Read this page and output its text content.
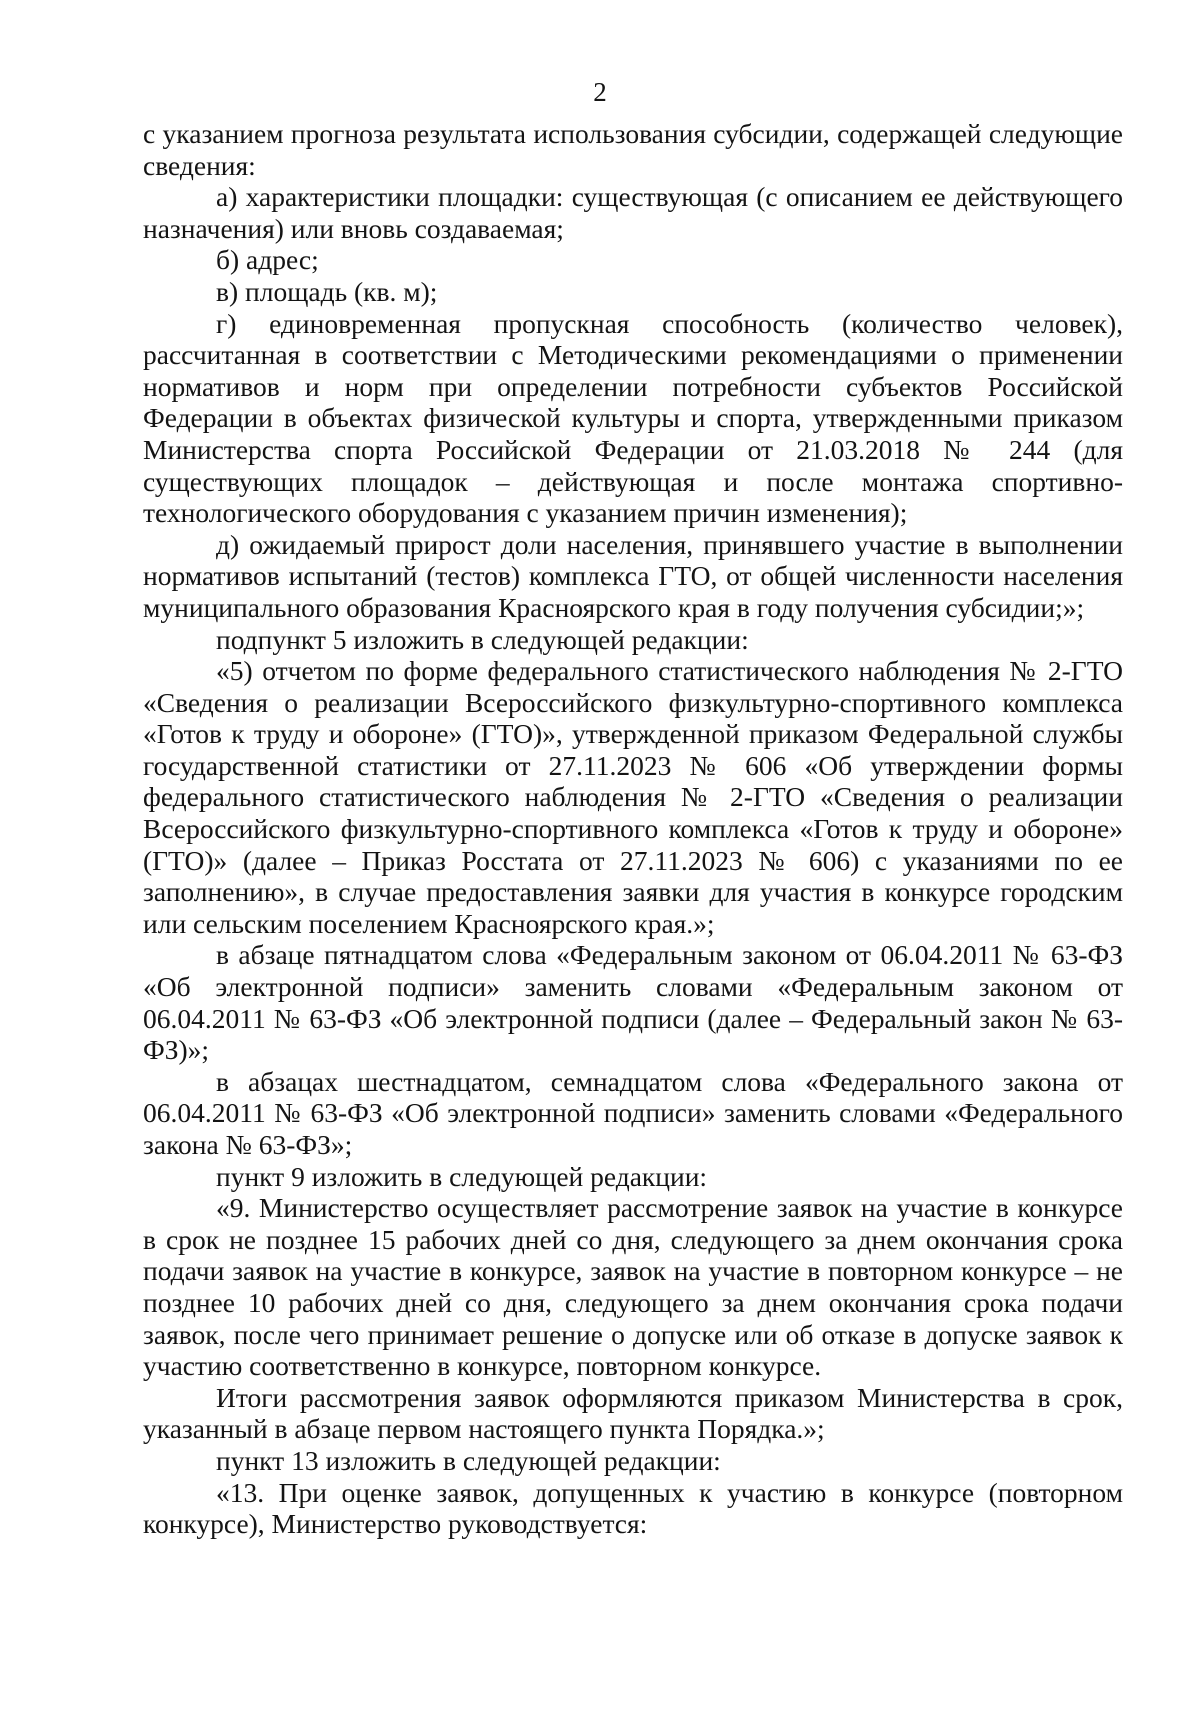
2

с указанием прогноза результата использования субсидии, содержащей следующие сведения:

а) характеристики площадки: существующая (с описанием ее действующего назначения) или вновь создаваемая;

б) адрес;

в) площадь (кв. м);

г) единовременная пропускная способность (количество человек), рассчитанная в соответствии с Методическими рекомендациями о применении нормативов и норм при определении потребности субъектов Российской Федерации в объектах физической культуры и спорта, утвержденными приказом Министерства спорта Российской Федерации от 21.03.2018 № 244 (для существующих площадок – действующая и после монтажа спортивно-технологического оборудования с указанием причин изменения);

д) ожидаемый прирост доли населения, принявшего участие в выполнении нормативов испытаний (тестов) комплекса ГТО, от общей численности населения муниципального образования Красноярского края в году получения субсидии;»;

подпункт 5 изложить в следующей редакции:

«5) отчетом по форме федерального статистического наблюдения № 2-ГТО «Сведения о реализации Всероссийского физкультурно-спортивного комплекса «Готов к труду и обороне» (ГТО)», утвержденной приказом Федеральной службы государственной статистики от 27.11.2023 № 606 «Об утверждении формы федерального статистического наблюдения № 2-ГТО «Сведения о реализации Всероссийского физкультурно-спортивного комплекса «Готов к труду и обороне» (ГТО)» (далее – Приказ Росстата от 27.11.2023 № 606) с указаниями по ее заполнению», в случае предоставления заявки для участия в конкурсе городским или сельским поселением Красноярского края.»;

в абзаце пятнадцатом слова «Федеральным законом от 06.04.2011 № 63-ФЗ «Об электронной подписи» заменить словами «Федеральным законом от 06.04.2011 № 63-ФЗ «Об электронной подписи (далее – Федеральный закон № 63-ФЗ)»;

в абзацах шестнадцатом, семнадцатом слова «Федерального закона от 06.04.2011 № 63-ФЗ «Об электронной подписи» заменить словами «Федерального закона № 63-ФЗ»;

пункт 9 изложить в следующей редакции:

«9. Министерство осуществляет рассмотрение заявок на участие в конкурсе в срок не позднее 15 рабочих дней со дня, следующего за днем окончания срока подачи заявок на участие в конкурсе, заявок на участие в повторном конкурсе – не позднее 10 рабочих дней со дня, следующего за днем окончания срока подачи заявок, после чего принимает решение о допуске или об отказе в допуске заявок к участию соответственно в конкурсе, повторном конкурсе.

Итоги рассмотрения заявок оформляются приказом Министерства в срок, указанный в абзаце первом настоящего пункта Порядка.»;

пункт 13 изложить в следующей редакции:

«13. При оценке заявок, допущенных к участию в конкурсе (повторном конкурсе), Министерство руководствуется:
